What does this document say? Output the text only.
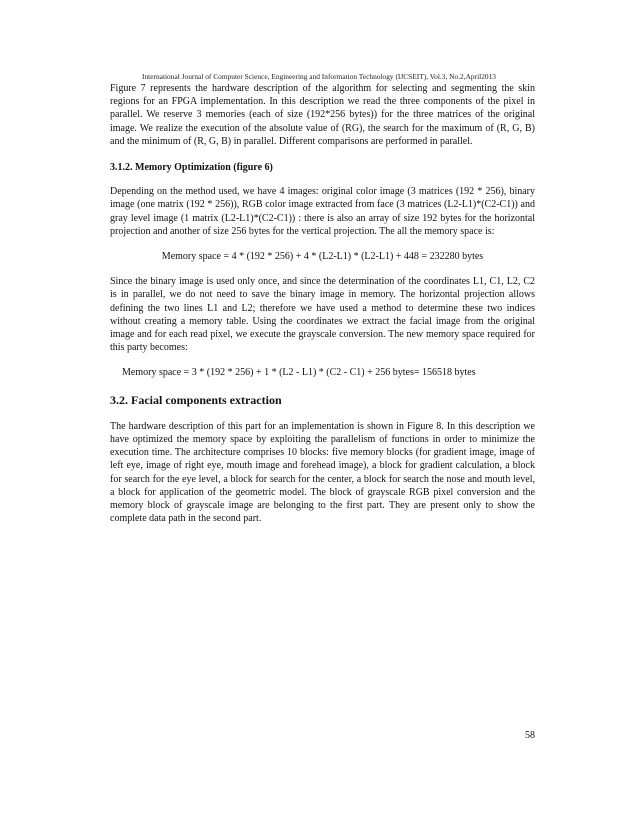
International Journal of Computer Science, Engineering and Information Technology (IJCSEIT), Vol.3, No.2,April2013

Figure 7 represents the hardware description of the algorithm for selecting and segmenting the skin regions for an FPGA implementation. In this description we read the three components of the pixel in parallel. We reserve 3 memories (each of size (192*256 bytes)) for the three matrices of the original image. We realize the execution of the absolute value of (RG), the search for the maximum of (R, G, B) and the minimum of (R, G, B) in parallel. Different comparisons are performed in parallel.

3.1.2. Memory Optimization (figure 6)

Depending on the method used, we have 4 images: original color image (3 matrices (192 * 256), binary image (one matrix (192 * 256)), RGB color image extracted from face (3 matrices (L2-L1)*(C2-C1)) and gray level image (1 matrix (L2-L1)*(C2-C1)) : there is also an array of size 192 bytes for the horizontal projection and another of size 256 bytes for the vertical projection. The all the memory space is:

Memory space = 4 * (192 * 256) + 4 * (L2-L1) * (L2-L1) + 448 = 232280 bytes

Since the binary image is used only once, and since the determination of the coordinates L1, C1, L2, C2 is in parallel, we do not need to save the binary image in memory. The horizontal projection allows defining the two lines L1 and L2; therefore we have used a method to determine these two indices without creating a memory table. Using the coordinates we extract the facial image from the original image and for each read pixel, we execute the grayscale conversion. The new memory space required for this party becomes:

Memory space = 3 * (192 * 256) + 1 * (L2 - L1) * (C2 - C1) + 256 bytes= 156518 bytes
3.2. Facial components extraction

The hardware description of this part for an implementation is shown in Figure 8. In this description we have optimized the memory space by exploiting the parallelism of functions in order to minimize the execution time. The architecture comprises 10 blocks: five memory blocks (for gradient image, image of left eye, image of right eye, mouth image and forehead image), a block for gradient calculation, a block for search for the eye level, a block for search for the center, a block for search the nose and mouth level, a block for application of the geometric model. The block of grayscale RGB pixel conversion and the memory block of grayscale image are belonging to the first part. They are present only to show the complete data path in the second part.

58
